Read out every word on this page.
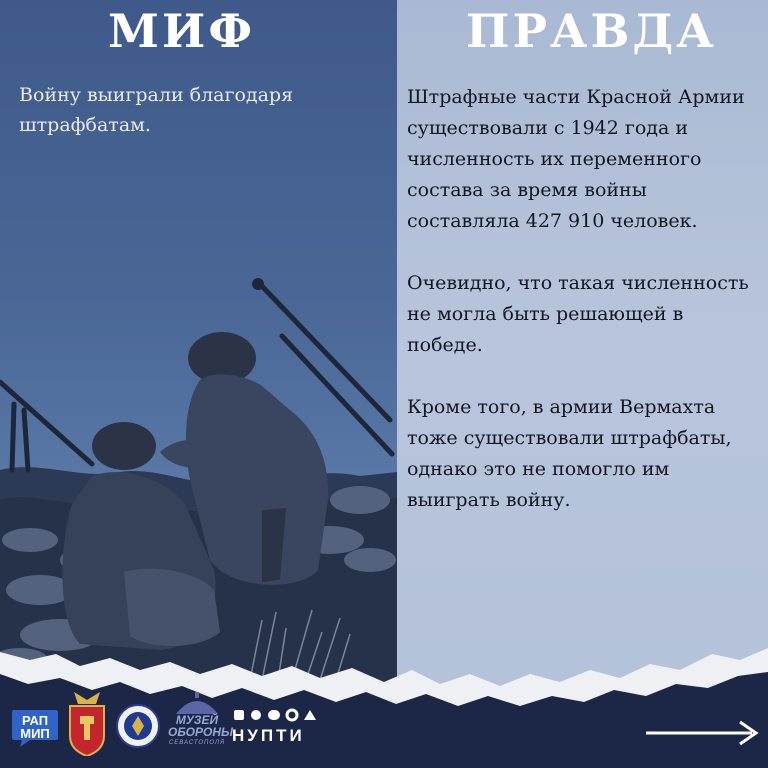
МИФ
Войну выиграли благодаря штрафбатам.
ПРАВДА

Штрафные части Красной Армии существовали с 1942 года и численность их переменного состава за время войны составляла 427 910 человек.

Очевидно, что такая численность не могла быть решающей в победе.

Кроме того, в армии Вермахта тоже существовали штрафбаты, однако это не помогло им выиграть войну.

РАП
МИП
МУЗЕЙ
ОБОРОНЫ
СЕВАСТОПОЛЯ НУПТИ
